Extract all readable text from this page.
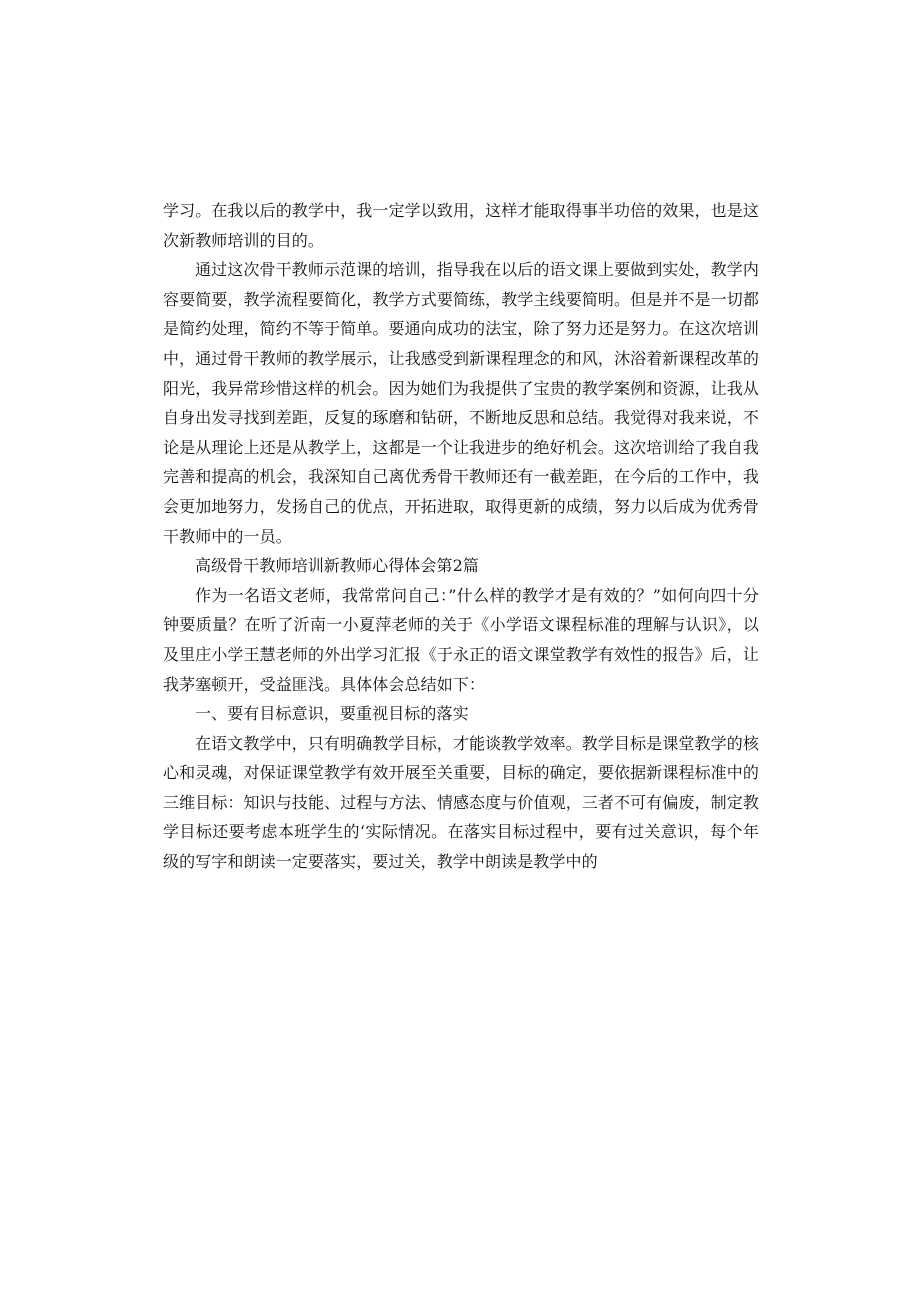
学习。在我以后的教学中，我一定学以致用，这样才能取得事半功倍的效果，也是这次新教师培训的目的。

通过这次骨干教师示范课的培训，指导我在以后的语文课上要做到实处，教学内容要简要，教学流程要简化，教学方式要简练，教学主线要简明。但是并不是一切都是简约处理，简约不等于简单。要通向成功的法宝，除了努力还是努力。在这次培训中，通过骨干教师的教学展示，让我感受到新课程理念的和风，沐浴着新课程改革的阳光，我异常珍惜这样的机会。因为她们为我提供了宝贵的教学案例和资源，让我从自身出发寻找到差距，反复的琢磨和钻研，不断地反思和总结。我觉得对我来说，不论是从理论上还是从教学上，这都是一个让我进步的绝好机会。这次培训给了我自我完善和提高的机会，我深知自己离优秀骨干教师还有一截差距，在今后的工作中，我会更加地努力，发扬自己的优点，开拓进取，取得更新的成绩，努力以后成为优秀骨干教师中的一员。

高级骨干教师培训新教师心得体会第2篇

作为一名语文老师，我常常问自己：”什么样的教学才是有效的？”如何向四十分钟要质量？在听了沂南一小夏萍老师的关于《小学语文课程标准的理解与认识》，以及里庄小学王慧老师的外出学习汇报《于永正的语文课堂教学有效性的报告》后，让我茅塞顿开，受益匪浅。具体体会总结如下：

一、要有目标意识，要重视目标的落实

在语文教学中，只有明确教学目标，才能谈教学效率。教学目标是课堂教学的核心和灵魂，对保证课堂教学有效开展至关重要，目标的确定，要依据新课程标准中的三维目标：知识与技能、过程与方法、情感态度与价值观，三者不可有偏废，制定教学目标还要考虑本班学生的‘实际情况。在落实目标过程中，要有过关意识，每个年级的写字和朗读一定要落实，要过关，教学中朗读是教学中的
